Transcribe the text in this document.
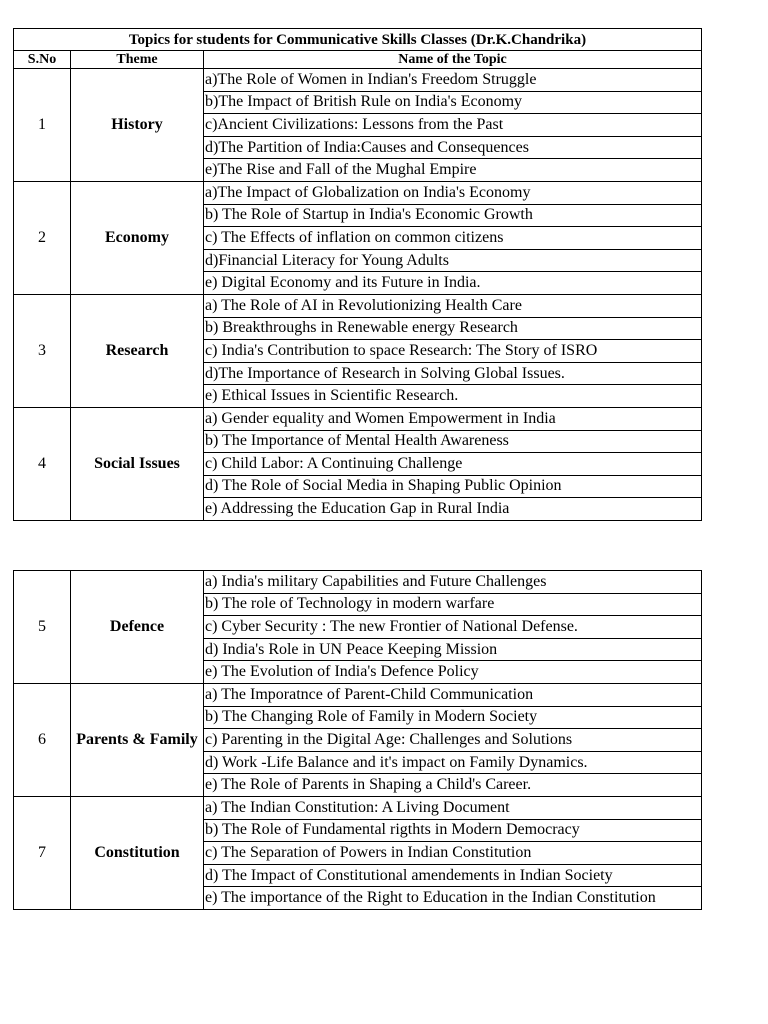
Topics for students for Communicative Skills Classes (Dr.K.Chandrika)		
S.No	Theme	Name of the Topic
1	History	a)The Role of Women in Indian's Freedom Struggle
		b)The Impact of British Rule on India's Economy
		c)Ancient Civilizations: Lessons from the Past
		d)The Partition of India:Causes and Consequences
		e)The Rise and Fall of the Mughal Empire
2	Economy	a)The Impact of Globalization on India's Economy
		b) The Role of Startup in India's Economic Growth
		c) The Effects of inflation on common citizens
		d)Financial Literacy for Young Adults
		e) Digital Economy and its Future in India.
3	Research	a) The Role of AI in Revolutionizing Health Care
		b) Breakthroughs in Renewable energy Research
		c) India's Contribution to space Research: The Story of ISRO
		d)The Importance of Research in Solving Global Issues.
		e) Ethical Issues in Scientific Research.
4	Social Issues	a) Gender equality and Women Empowerment in India
		b) The Importance of Mental Health Awareness
		c) Child Labor: A Continuing Challenge
		d) The Role of Social Media in Shaping Public Opinion
		e) Addressing the Education Gap in Rural India
5	Defence	a) India's military Capabilities and Future Challenges
		b) The role of Technology in modern warfare
		c) Cyber Security : The new Frontier of National Defense.
		d) India's Role in UN Peace Keeping Mission
		e) The Evolution of India's Defence Policy
6	Parents & Family	a) The Imporatnce of Parent-Child Communication
		b) The Changing Role of Family in Modern Society
		c) Parenting in the Digital Age: Challenges and Solutions
		d) Work -Life Balance and it's impact on Family Dynamics.
		e) The Role of Parents in Shaping a Child's Career.
7	Constitution	a) The Indian Constitution: A Living Document
		b) The Role of Fundamental rigthts in Modern Democracy
		c) The Separation of Powers in Indian Constitution
		d) The Impact of Constitutional amendements in Indian Society
		e) The importance of the Right to Education in the Indian Constitution
